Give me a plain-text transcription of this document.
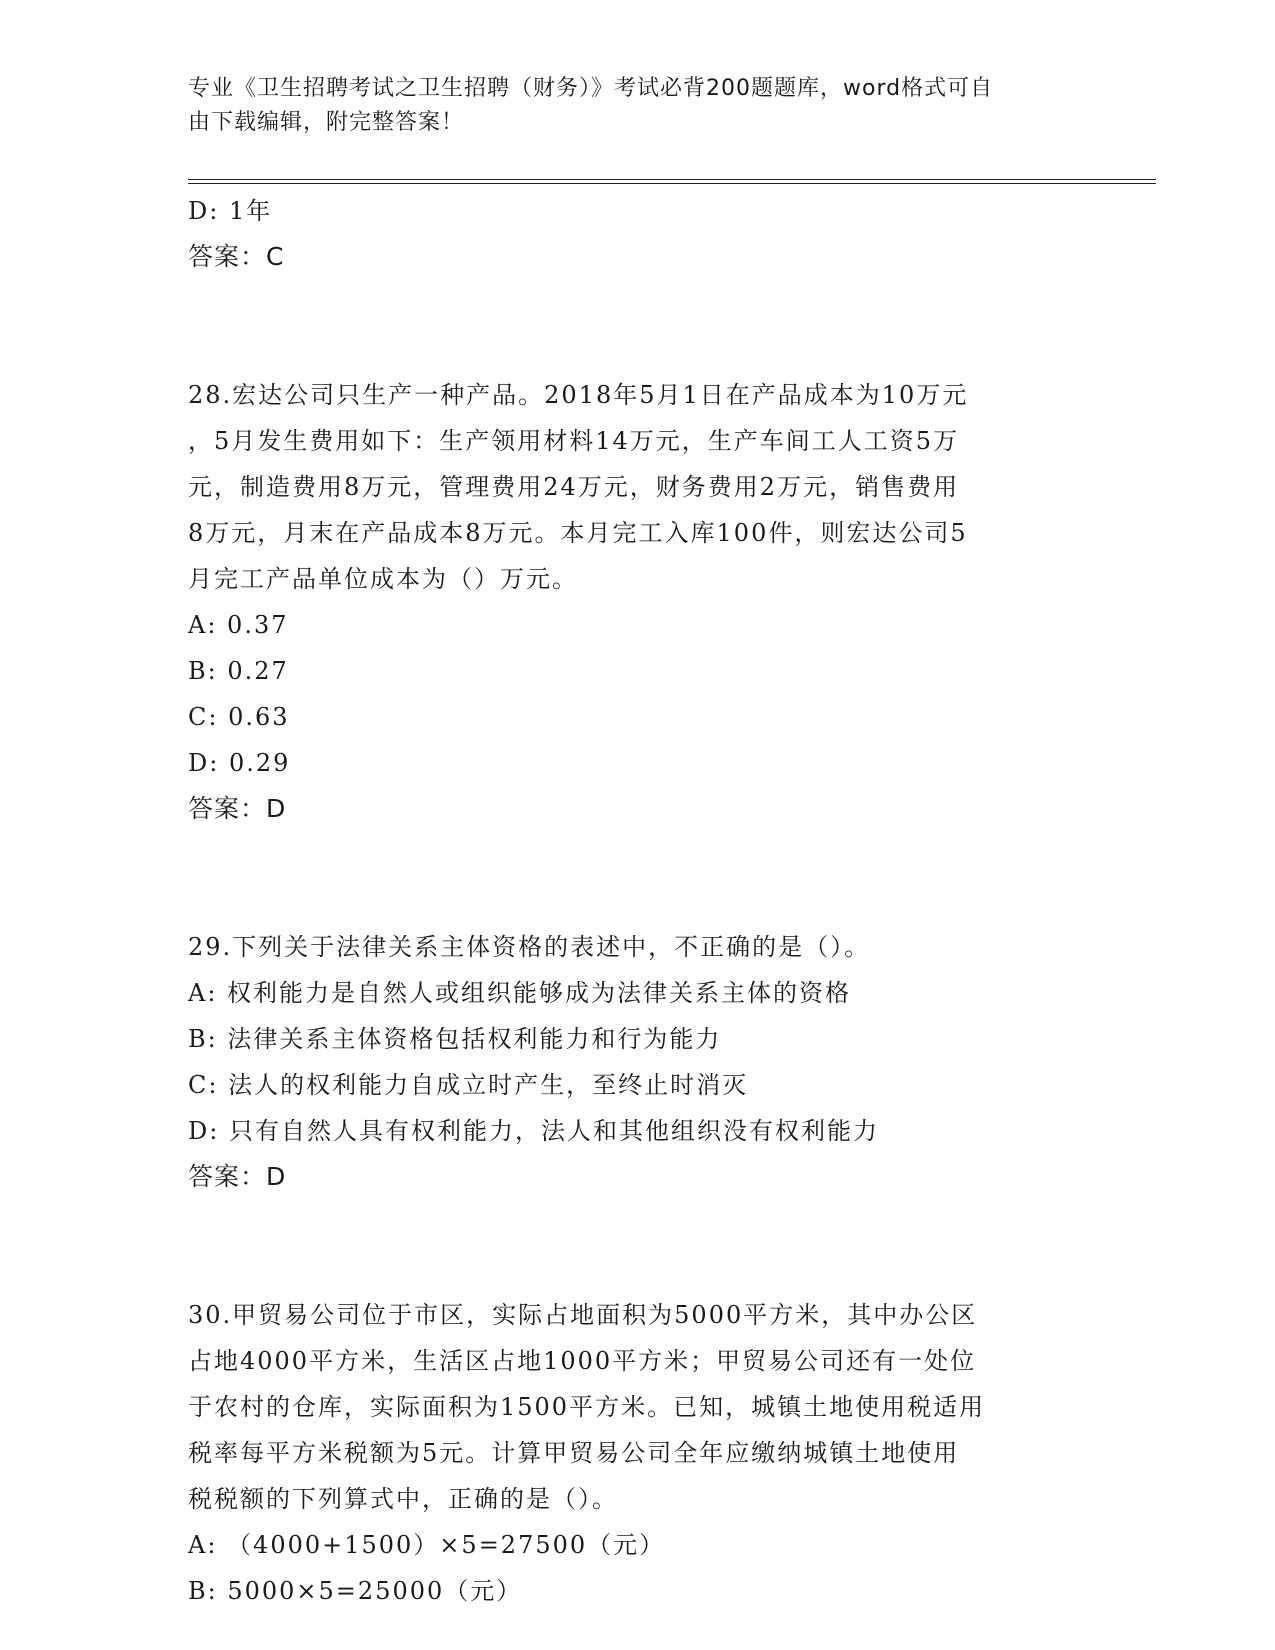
专业《卫生招聘考试之卫生招聘（财务）》考试必背200题题库，word格式可自
由下载编辑，附完整答案！
D: 1年
答案：C
28.宏达公司只生产一种产品。2018年5月1日在产品成本为10万元
，5月发生费用如下：生产领用材料14万元，生产车间工人工资5万
元，制造费用8万元，管理费用24万元，财务费用2万元，销售费用
8万元，月末在产品成本8万元。本月完工入库100件，则宏达公司5
月完工产品单位成本为（）万元。
A: 0.37
B: 0.27
C: 0.63
D: 0.29
答案：D
29.下列关于法律关系主体资格的表述中，不正确的是（）。
A: 权利能力是自然人或组织能够成为法律关系主体的资格
B: 法律关系主体资格包括权利能力和行为能力
C: 法人的权利能力自成立时产生，至终止时消灭
D: 只有自然人具有权利能力，法人和其他组织没有权利能力
答案：D
30.甲贸易公司位于市区，实际占地面积为5000平方米，其中办公区
占地4000平方米，生活区占地1000平方米；甲贸易公司还有一处位
于农村的仓库，实际面积为1500平方米。已知，城镇土地使用税适用
税率每平方米税额为5元。计算甲贸易公司全年应缴纳城镇土地使用
税税额的下列算式中，正确的是（）。
A: （4000+1500）×5=27500（元）
B: 5000×5=25000（元）
